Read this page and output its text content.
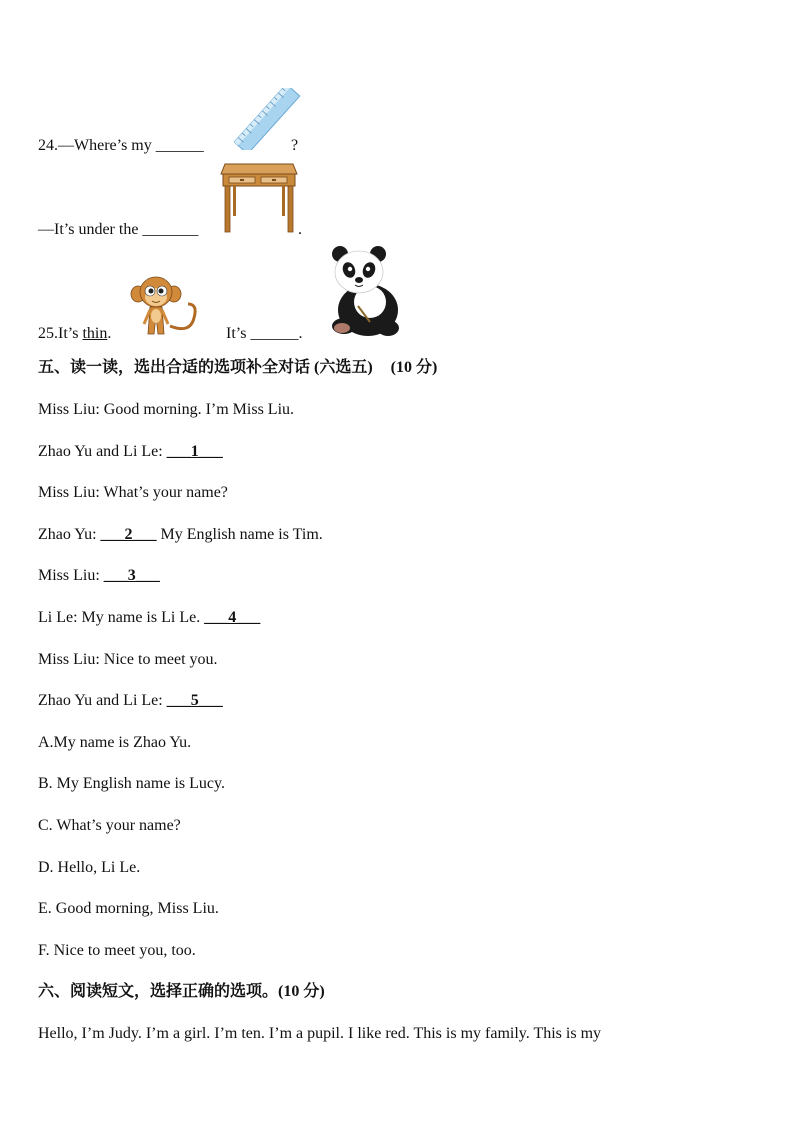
24.—Where’s my ______	?
—It’s under the _______	.
25.It’s thin.	It’s ______.
五、读一读，选出合适的选项补全对话 (六选五) (10 分)
Miss Liu: Good morning. I’m Miss Liu.
Zhao Yu and Li Le: ___1___
Miss Liu: What’s your name?
Zhao Yu: ___2___ My English name is Tim.
Miss Liu: ___3___
Li Le: My name is Li Le. ___4___
Miss Liu: Nice to meet you.
Zhao Yu and Li Le: ___5___
A.My name is Zhao Yu.
B. My English name is Lucy.
C. What’s your name?
D. Hello, Li Le.
E. Good morning, Miss Liu.
F. Nice to meet you, too.
六、阅读短文，选择正确的选项。(10 分)
Hello, I’m Judy. I’m a girl. I’m ten. I’m a pupil. I like red. This is my family. This is my
